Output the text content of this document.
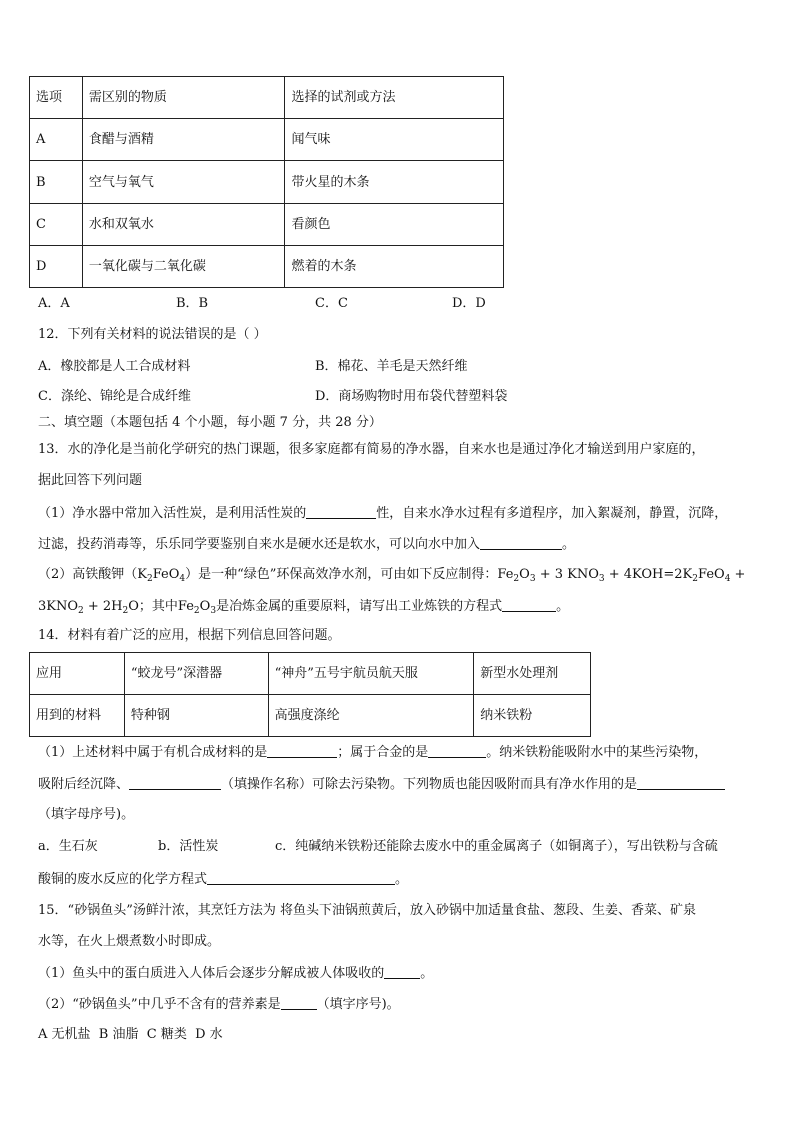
选项	需区别的物质	选择的试剂或方法
A	食醋与酒精	闻气味
B	空气与氧气	带火星的木条
C	水和双氧水	看颜色
D	一氧化碳与二氧化碳	燃着的木条
A．A	B．B	C．C	D．D
12．下列有关材料的说法错误的是（ ）
A．橡胶都是人工合成材料	B．棉花、羊毛是天然纤维
C．涤纶、锦纶是合成纤维	D．商场购物时用布袋代替塑料袋
二、填空题（本题包括 4 个小题，每小题 7 分，共 28 分）
13．水的净化是当前化学研究的热门课题，很多家庭都有简易的净水器，自来水也是通过净化才输送到用户家庭的，
据此回答下列问题
（1）净水器中常加入活性炭，是利用活性炭的	性，自来水净水过程有多道程序，加入絮凝剂，静置，沉降，
过滤，投药消毒等，乐乐同学要鉴别自来水是硬水还是软水，可以向水中加入	。
（2）高铁酸钾$(K_2FeO_4)$是一种“绿色”环保高效净水剂，可由如下反应制得：$Fe_2O_3 + 3$ $KNO_3 + 4KOH=2K_2FeO_4$ +
$3KNO_2 + 2H_2O$；其中$Fe_2O_3$是冶炼金属的重要原料，请写出工业炼铁的方程式	。
14．材料有着广泛的应用，根据下列信息回答问题。
应用	“蛟龙号”深潜器	“神舟”五号宇航员航天服	新型水处理剂
用到的材料	特种钢	高强度涤纶	纳米铁粉
（1）上述材料中属于有机合成材料的是	；属于合金的是	。纳米铁粉能吸附水中的某些污染物，
吸附后经沉降、	（填操作名称）可除去污染物。下列物质也能因吸附而具有净水作用的是
（填字母序号)。
a．生石灰	b．活性炭	c．纯碱纳米铁粉还能除去废水中的重金属离子（如铜离子），写出铁粉与含硫
酸铜的废水反应的化学方程式	。
15．“砂锅鱼头”汤鲜汁浓，其烹饪方法为 将鱼头下油锅煎黄后，放入砂锅中加适量食盐、葱段、生姜、香菜、矿泉
水等，在火上煨煮数小时即成。
（1）鱼头中的蛋白质进入人体后会逐步分解成被人体吸收的	。
（2）“砂锅鱼头”中几乎不含有的营养素是	（填字序号)。
A 无机盐  B 油脂  C 糖类  D 水
